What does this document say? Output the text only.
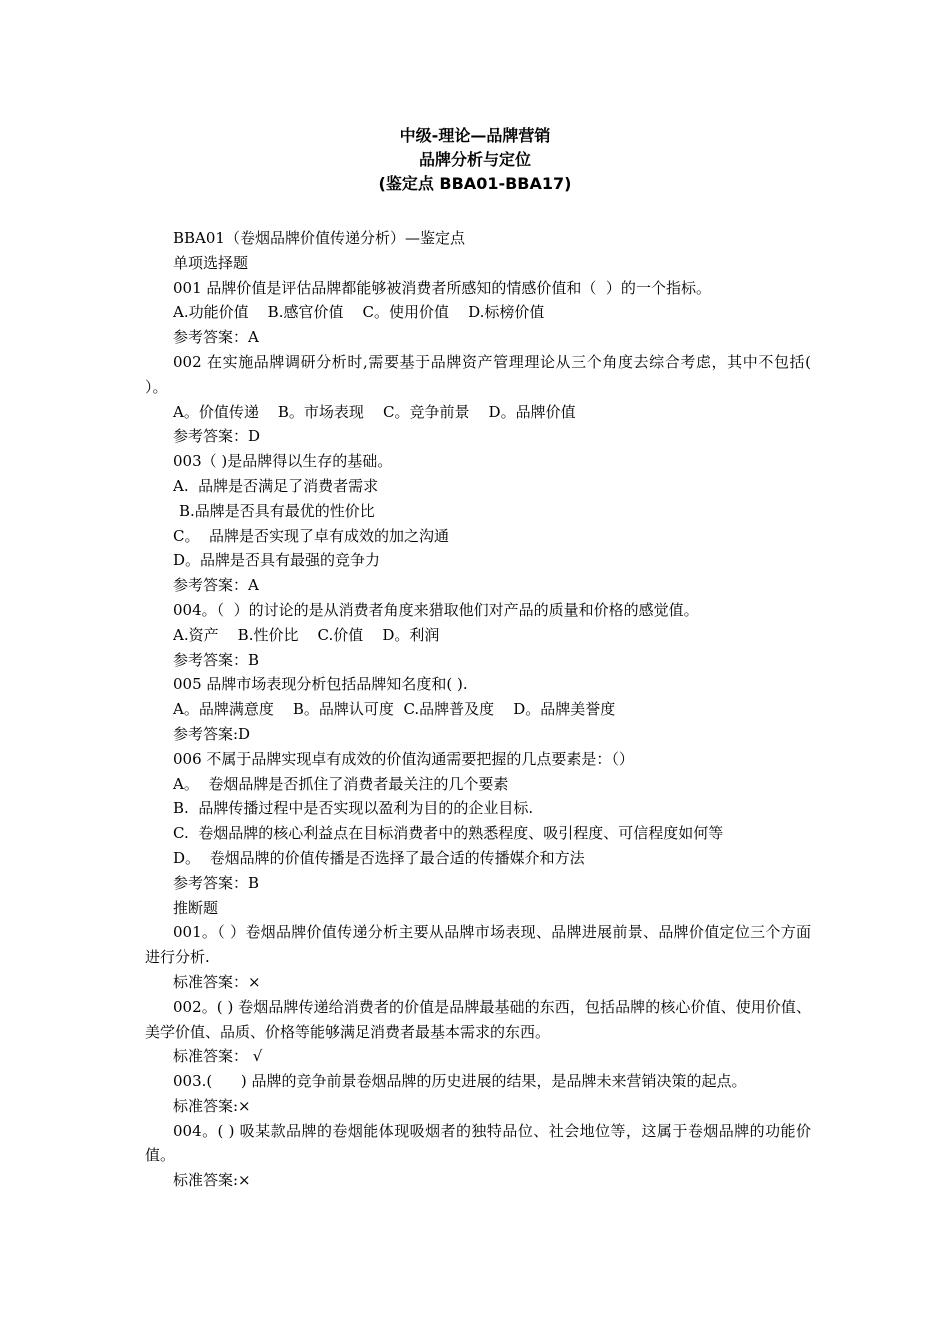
中级-理论—品牌营销
品牌分析与定位
(鉴定点 BBA01-BBA17)
BBA01（卷烟品牌价值传递分析）—鉴定点
单项选择题
001 品牌价值是评估品牌都能够被消费者所感知的情感价值和（  ）的一个指标。
A.功能价值    B.感官价值    C。使用价值    D.标榜价值
参考答案：A
002 在实施品牌调研分析时,需要基于品牌资产管理理论从三个角度去综合考虑，其中不包括( ）。
A。价值传递    B。市场表现    C。竞争前景    D。品牌价值
参考答案：D
003（ )是品牌得以生存的基础。
A.  品牌是否满足了消费者需求
B.品牌是否具有最优的性价比
C。  品牌是否实现了卓有成效的加之沟通
D。品牌是否具有最强的竞争力
参考答案：A
004。（  ）的讨论的是从消费者角度来猎取他们对产品的质量和价格的感觉值。
A.资产    B.性价比    C.价值    D。利润
参考答案：B
005 品牌市场表现分析包括品牌知名度和( ).
A。品牌满意度    B。品牌认可度  C.品牌普及度    D。品牌美誉度
参考答案:D
006 不属于品牌实现卓有成效的价值沟通需要把握的几点要素是：（）
A。  卷烟品牌是否抓住了消费者最关注的几个要素
B.  品牌传播过程中是否实现以盈利为目的的企业目标.
C.  卷烟品牌的核心利益点在目标消费者中的熟悉程度、吸引程度、可信程度如何等
D。  卷烟品牌的价值传播是否选择了最合适的传播媒介和方法
参考答案：B
推断题
001。（ ）卷烟品牌价值传递分析主要从品牌市场表现、品牌进展前景、品牌价值定位三个方面进行分析.
标准答案：×
002。( ) 卷烟品牌传递给消费者的价值是品牌最基础的东西，包括品牌的核心价值、使用价值、美学价值、品质、价格等能够满足消费者最基本需求的东西。
标准答案： √
003.(      ) 品牌的竞争前景卷烟品牌的历史进展的结果，是品牌未来营销决策的起点。
标准答案:×
004。( ) 吸某款品牌的卷烟能体现吸烟者的独特品位、社会地位等，这属于卷烟品牌的功能价值。
标准答案:×
